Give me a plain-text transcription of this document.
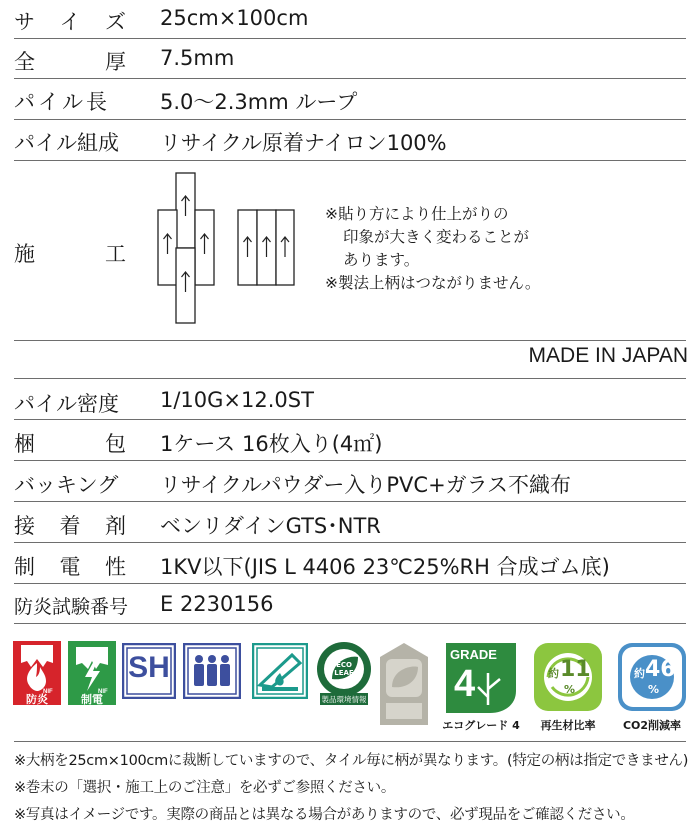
サ イ ズ 25cm×100cm
全	厚 7.5mm
パイル長 5.0〜2.3mm ループ
パイル組成 リサイクル原着ナイロン100%
施	工
※貼り方により仕上がりの
印象が大きく変わることが
あります。
※製法上柄はつながりません。
MADE IN JAPAN
パイル密度 1/10G×12.0ST
梱	包 1ケース 16枚入り(4㎡)
バッキング リサイクルパウダー入りPVC+ガラス不織布
接 着 剤 ベンリダインGTS･NTR
制 電 性 1KV以下(JIS L 4406 23℃25%RH 合成ゴム底)
防炎試験番号 E 2230156
NIF
防炎
NIF
制電
SH	ECO LEAF
製品環境情報
GRADE
4
エコグレード 4
約 11
%
再生材比率
約 46
%
CO2削減率
※大柄を25cm×100cmに裁断していますので、タイル毎に柄が異なります。(特定の柄は指定できません)
※巻末の「選択・施工上のご注意」を必ずご参照ください。
※写真はイメージです。実際の商品とは異なる場合がありますので、必ず現品をご確認ください。
